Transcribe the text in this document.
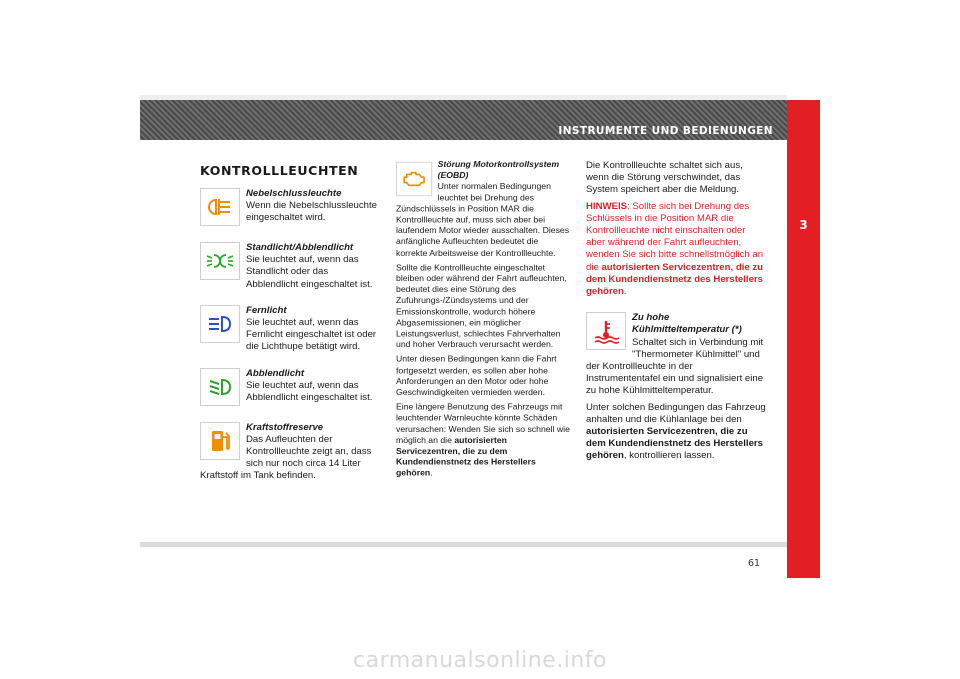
INSTRUMENTE UND BEDIENUNGEN
3
KONTROLLLEUCHTEN
Nebelschlussleuchte
Wenn die Nebelschlussleuchte eingeschaltet wird.
Standlicht/Abblendlicht
Sie leuchtet auf, wenn das Standlicht oder das Abblendlicht eingeschaltet ist.
Fernlicht
Sie leuchtet auf, wenn das Fernlicht eingeschaltet ist oder die Lichthupe betätigt wird.
Abblendlicht
Sie leuchtet auf, wenn das Abblendlicht eingeschaltet ist.
Kraftstoffreserve
Das Aufleuchten der Kontrollleuchte zeigt an, dass sich nur noch circa 14 Liter Kraftstoff im Tank befinden.
Störung Motorkontrollsystem (EOBD)

Unter normalen Bedingungen leuchtet bei Drehung des Zündschlüssels in Position MAR die Kontrollleuchte auf, muss sich aber bei laufendem Motor wieder ausschalten. Dieses anfängliche Aufleuchten bedeutet die korrekte Arbeitsweise der Kontrollleuchte.

Sollte die Kontrollleuchte eingeschaltet bleiben oder während der Fahrt aufleuchten, bedeutet dies eine Störung des Zufuhrungs-/Zündsystems und der Emissionskontrolle, wodurch höhere Abgasemissionen, ein möglicher Leistungsverlust, schlechtes Fahrverhalten und hoher Verbrauch verursacht werden.

Unter diesen Bedingungen kann die Fahrt fortgesetzt werden, es sollen aber hohe Anforderungen an den Motor oder hohe Geschwindigkeiten vermieden werden.

Eine längere Benutzung des Fahrzeugs mit leuchtender Warnleuchte könnte Schäden verursachen: Wenden Sie sich so schnell wie möglich an die autorisierten Servicezentren, die zu dem Kundendienstnetz des Herstellers gehören.

Die Kontrollleuchte schaltet sich aus, wenn die Störung verschwindet, das System speichert aber die Meldung.

HINWEIS: Sollte sich bei Drehung des Schlüssels in die Position MAR die Kontrollleuchte nicht einschalten oder aber während der Fahrt aufleuchten, wenden Sie sich bitte schnellstmöglich an die autorisierten Servicezentren, die zu dem Kundendienstnetz des Herstellers gehören.

Zu hohe Kühlmitteltemperatur (*)

Schaltet sich in Verbindung mit "Thermometer Kühlmittel" und der Kontrollleuchte in der Instrumententafel ein und signalisiert eine zu hohe Kühlmitteltemperatur.

Unter solchen Bedingungen das Fahrzeug anhalten und die Kühlanlage bei den autorisierten Servicezentren, die zu dem Kundendienstnetz des Herstellers gehören, kontrollieren lassen.

61
carmanualsonline.info
